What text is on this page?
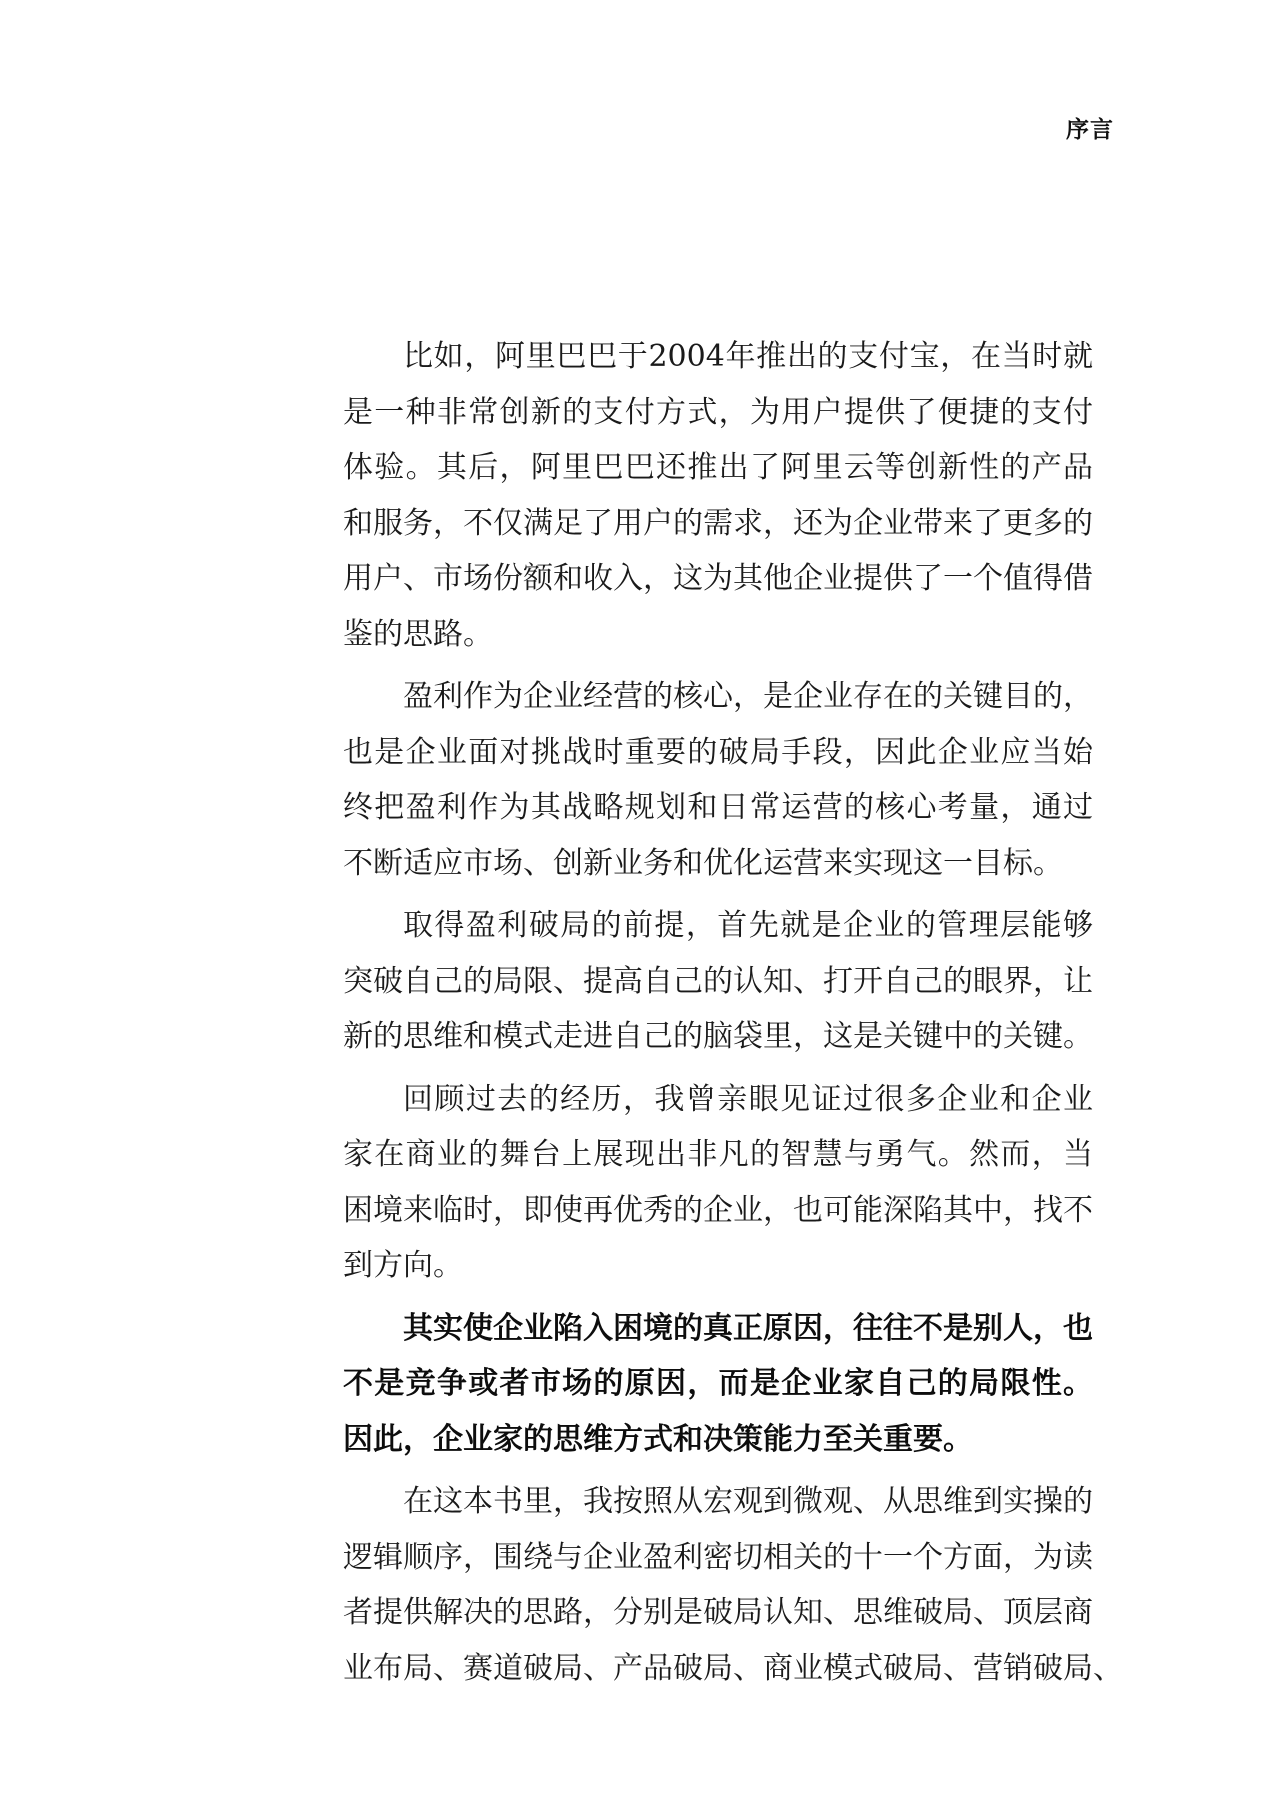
序言
比如，阿里巴巴于2004年推出的支付宝，在当时就
是一种非常创新的支付方式，为用户提供了便捷的支付
体验。其后，阿里巴巴还推出了阿里云等创新性的产品
和服务，不仅满足了用户的需求，还为企业带来了更多的
用户、市场份额和收入，这为其他企业提供了一个值得借
鉴的思路。
盈利作为企业经营的核心，是企业存在的关键目的，
也是企业面对挑战时重要的破局手段，因此企业应当始
终把盈利作为其战略规划和日常运营的核心考量，通过
不断适应市场、创新业务和优化运营来实现这一目标。
取得盈利破局的前提，首先就是企业的管理层能够
突破自己的局限、提高自己的认知、打开自己的眼界，让
新的思维和模式走进自己的脑袋里，这是关键中的关键。
回顾过去的经历，我曾亲眼见证过很多企业和企业
家在商业的舞台上展现出非凡的智慧与勇气。然而，当
困境来临时，即使再优秀的企业，也可能深陷其中，找不
到方向。
其实使企业陷入困境的真正原因，往往不是别人，也
不是竞争或者市场的原因，而是企业家自己的局限性。
因此，企业家的思维方式和决策能力至关重要。
在这本书里，我按照从宏观到微观、从思维到实操的
逻辑顺序，围绕与企业盈利密切相关的十一个方面，为读
者提供解决的思路，分别是破局认知、思维破局、顶层商
业布局、赛道破局、产品破局、商业模式破局、营销破局、
